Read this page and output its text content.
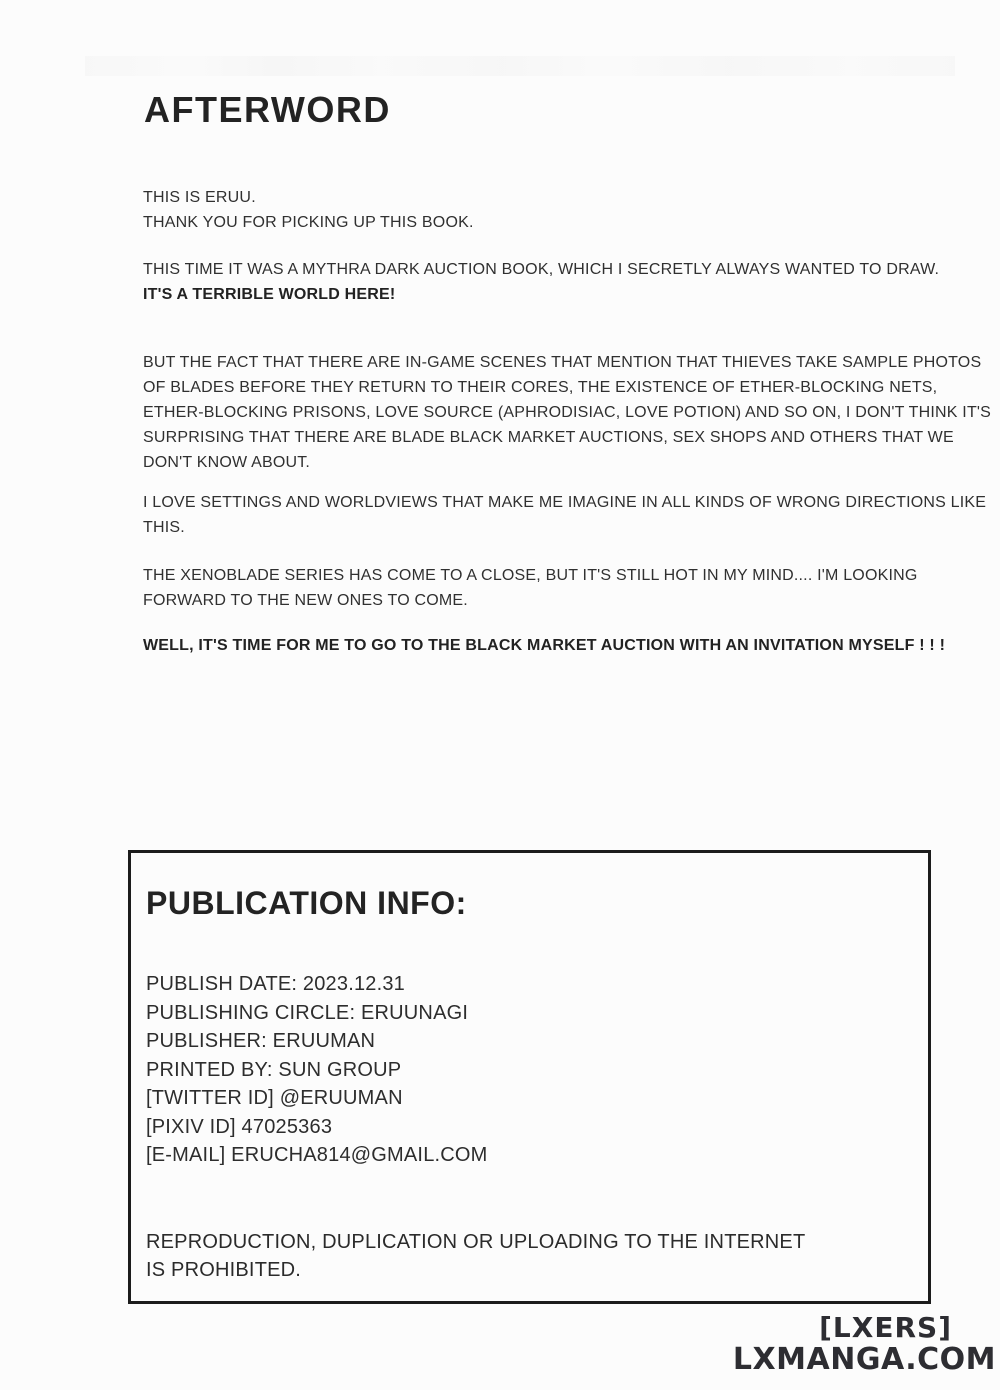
AFTERWORD
THIS IS ERUU.
THANK YOU FOR PICKING UP THIS BOOK.
THIS TIME IT WAS A MYTHRA DARK AUCTION BOOK, WHICH I SECRETLY ALWAYS WANTED TO DRAW.
IT'S A TERRIBLE WORLD HERE!
BUT THE FACT THAT THERE ARE IN-GAME SCENES THAT MENTION THAT THIEVES TAKE SAMPLE PHOTOS
OF BLADES BEFORE THEY RETURN TO THEIR CORES, THE EXISTENCE OF ETHER-BLOCKING NETS,
ETHER-BLOCKING PRISONS, LOVE SOURCE (APHRODISIAC, LOVE POTION) AND SO ON, I DON'T THINK IT'S
SURPRISING THAT THERE ARE BLADE BLACK MARKET AUCTIONS, SEX SHOPS AND OTHERS THAT WE
DON'T KNOW ABOUT.
I LOVE SETTINGS AND WORLDVIEWS THAT MAKE ME IMAGINE IN ALL KINDS OF WRONG DIRECTIONS LIKE
THIS.
THE XENOBLADE SERIES HAS COME TO A CLOSE, BUT IT'S STILL HOT IN MY MIND.... I'M LOOKING
FORWARD TO THE NEW ONES TO COME.
WELL, IT'S TIME FOR ME TO GO TO THE BLACK MARKET AUCTION WITH AN INVITATION MYSELF ! ! !
PUBLICATION INFO:
PUBLISH DATE: 2023.12.31
PUBLISHING CIRCLE: ERUUNAGI
PUBLISHER: ERUUMAN
PRINTED BY: SUN GROUP
[TWITTER ID] @ERUUMAN
[PIXIV ID] 47025363
[E-MAIL] ERUCHA814@GMAIL.COM
REPRODUCTION, DUPLICATION OR UPLOADING TO THE INTERNET
IS PROHIBITED.
[LXERS]
LXMANGA.COM
